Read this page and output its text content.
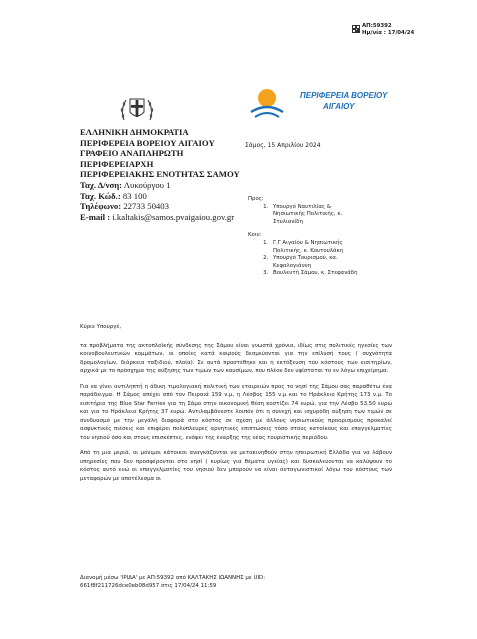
ΑΠ:59392
Ημ/νία : 17/04/24
ΠΕΡΙΦΕΡΕΙΑ ΒΟΡΕΙΟΥ
ΑΙΓΑΙΟΥ
ΕΛΛΗΝΙΚΗ ΔΗΜΟΚΡΑΤΙΑ
ΠΕΡΙΦΕΡΕΙΑ ΒΟΡΕΙΟΥ ΑΙΓΑΙΟΥ
ΓΡΑΦΕΙΟ ΑΝΑΠΛΗΡΩΤΗ
ΠΕΡΙΦΕΡΕΙΑΡΧΗ
ΠΕΡΙΦΕΡΕΙΑΚΗΣ ΕΝΟΤΗΤΑΣ ΣΑΜΟΥ
Ταχ. Δ/νση: Λυκούργου 1
Ταχ. Κώδ.: 83 100
Τηλέφωνο: 22733 50403
E-mail : i.kaltakis@samos.pvaigaiou.gov.gr
Σάμος, 15 Απριλίου 2024
Προς:
1. Υπουργό Ναυτιλίας &
Νησιωτικής Πολιτικής, κ.
Στυλιανίδη
Κοιν:
1. Γ.Γ Αιγαίου & Νησιωτικής
Πολιτικής, κ. Κουτουλάκη
2. Υπουργό Τουρισμού, κα.
Κεφαλογιάννη
3. Βουλευτή Σάμου, κ. Στεφανάδη

Κύριε Υπουργέ,

τα προβλήματα της ακτοπλοϊκής σύνδεσης της Σάμου είναι γνωστά χρόνια, ιδίως στις πολιτικές ηγεσίες των κοινοβουλευτικών κομμάτων, οι οποίες κατά καιρούς δεσμεύονται για την επίλυσή τους ( συχνότητα δρομολογίων, διάρκεια ταξιδιού, πλοία). Σε αυτά προστέθηκε και η εκτόξευση του κόστους των εισιτηρίων, αρχικά με το πρόσχημα της αύξησης των τιμών των καυσίμων, που πλέον δεν υφίσταται το εν λόγω επιχείρημα.

Για να γίνει αντιληπτή η άδικη τιμολογιακή πολιτική των εταιρειών προς το νησί της Σάμου σας παραθέτω ένα παράδειγμα. Η Σάμος απέχει από τον Πειραιά 159 ν.μ, η Λέσβος 155 ν.μ και το Ηράκλειο Κρήτης 173 ν.μ. Το εισιτήριο της Blue Star Ferries για τη Σάμο στην οικονομική θέση κοστίζει 74 ευρώ, για την Λέσβο 53,50 ευρώ και για το Ηράκλειο Κρήτης 37 ευρώ. Αντιλαμβάνεστε λοιπόν ότι η συνεχή και ισχυρόδη αύξηση των τιμών σε συνδυασμό με την μεγάλη διαφορά στο κόστος σε σχέση με άλλους νησιωτικούς προορισμούς προκαλεί ασφυκτικές πιέσεις και επιφέρει πολύπλευρες αρνητικές επιπτώσεις τόσο στους κατοίκους και επαγγελματίες του νησιού όσο και στους επισκέπτες, ενόψει της έναρξης της νέας τουριστικής περιόδου.

Από τη μια μεριά, οι μόνιμοι κάτοικοι αναγκάζονται να μετακινηθούν στην ηπειρωτική Ελλάδα για να λάβουν υπηρεσίες που δεν προσφέρονται στο νησί ( κυρίως για θέματα υγείας) και δυσκολεύονται να καλύψουν το κόστος αυτό ενώ οι επαγγελματίες του νησιού δεν μπορούν να είναι ανταγωνιστικοί λόγω του κόστους των μεταφορών με αποτέλεσμα οι

Διανομή μέσω 'ΙΡΙΔΑ' με ΑΠ:59392 από ΚΑΛΤΑΚΗΣ ΙΩΑΝΝΗΣ με UID:
661f8f211726dce0eb08d957 στις 17/04/24 11:59
